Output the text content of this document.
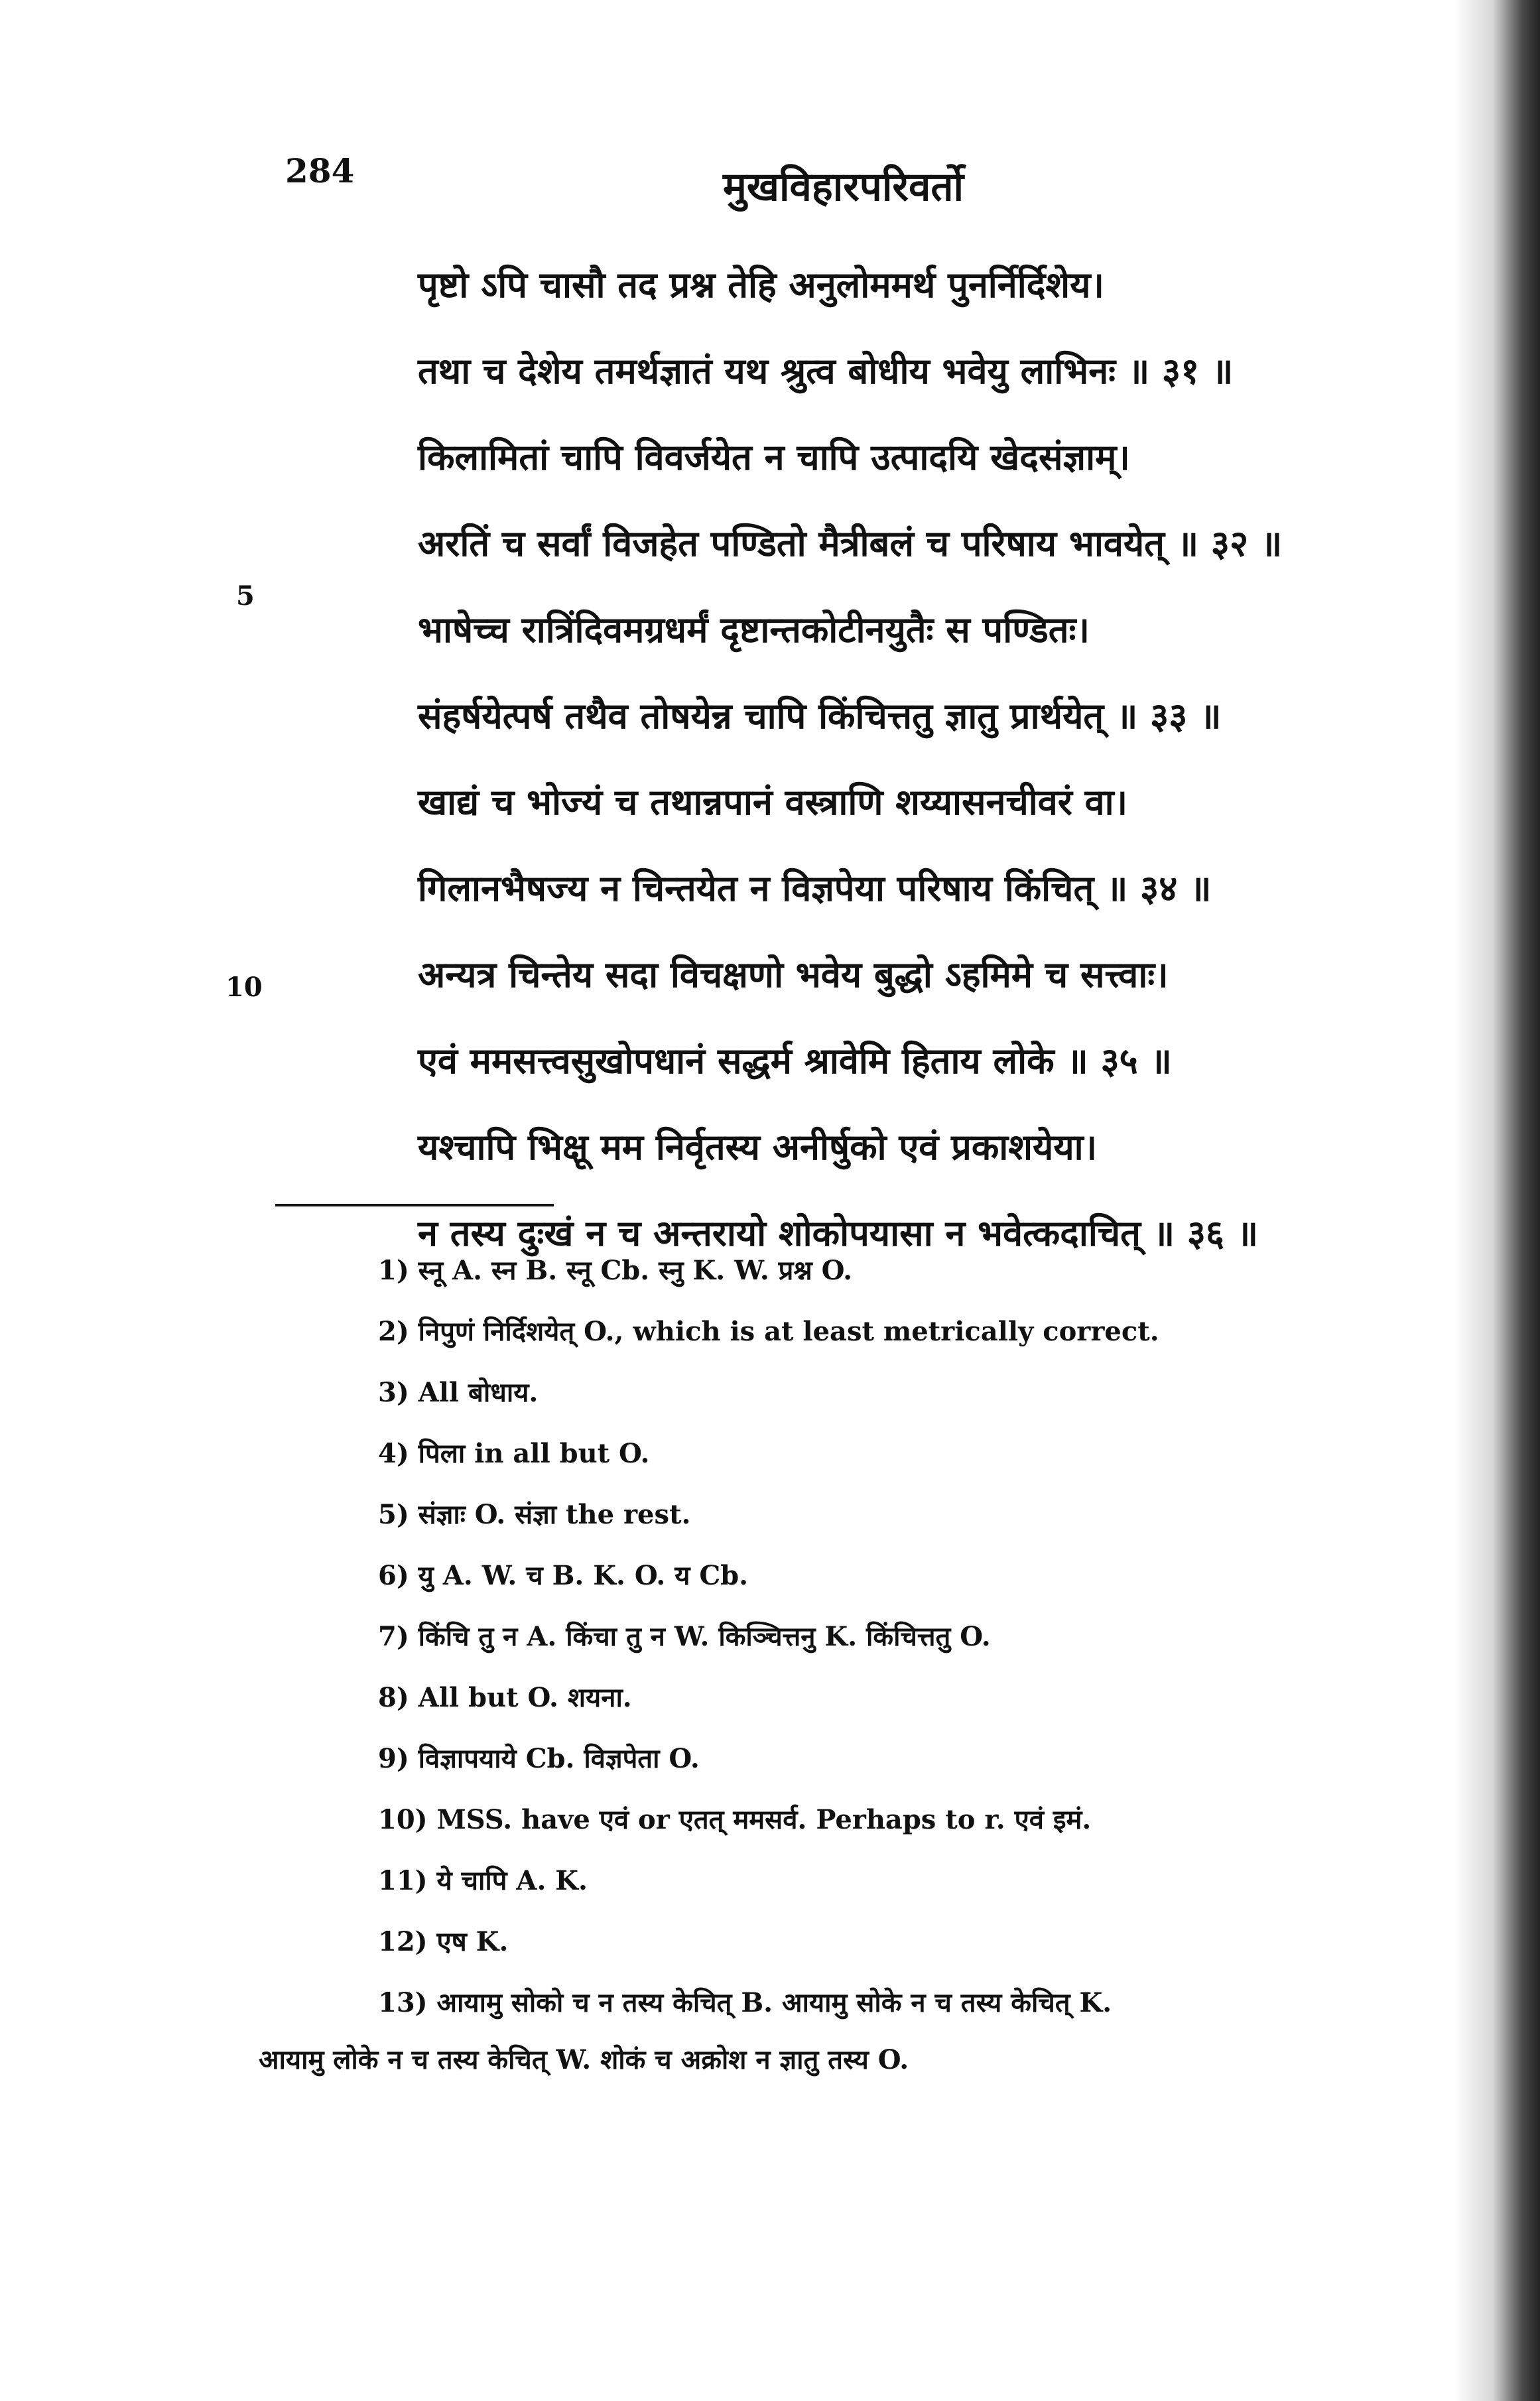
284	मुखविहारपरिवर्तो
5
10
पृष्टो ऽपि चासौ तद प्रश्न तेहि अनुलोममर्थ पुनर्निर्दिशेय।
तथा च देशेय तमर्थज्ञातं यथ श्रुत्व बोधीय भवेयु लाभिनः ॥ ३१ ॥
किलामितां चापि विवर्जयेत न चापि उत्पादयि खेदसंज्ञाम्।
अरतिं च सर्वां विजहेत पण्डितो मैत्रीबलं च परिषाय भावयेत् ॥ ३२ ॥
भाषेच्च रात्रिंदिवमग्रधर्मं दृष्टान्तकोटीनयुतैः स पण्डितः।
संहर्षयेत्पर्ष तथैव तोषयेन्न चापि किंचित्ततु ज्ञातु प्रार्थयेत् ॥ ३३ ॥
खाद्यं च भोज्यं च तथान्नपानं वस्त्राणि शय्यासनचीवरं वा।
गिलानभैषज्य न चिन्तयेत न विज्ञपेया परिषाय किंचित् ॥ ३४ ॥
अन्यत्र चिन्तेय सदा विचक्षणो भवेय बुद्धो ऽहमिमे च सत्त्वाः।
एवं ममसत्त्वसुखोपधानं सद्धर्म श्रावेमि हिताय लोके ॥ ३५ ॥
यश्चापि भिक्षू मम निर्वृतस्य अनीर्षुको एवं प्रकाशयेया।
न तस्य दुःखं न च अन्तरायो शोकोपयासा न भवेत्कदाचित् ॥ ३६ ॥
1) स्नू A. स्न B. स्नू Cb. स्नु K. W. प्रश्न O.
2) निपुणं निर्दिशयेत् O., which is at least metrically correct.
3) All बोधाय.
4) पिला in all but O.
5) संज्ञाः O. संज्ञा the rest.
6) यु A. W. च B. K. O. य Cb.
7) किंचि तु न A. किंचा तु न W. किञ्चित्तनु K. किंचित्ततु O.
8) All but O. शयना.
9) विज्ञापयाये Cb. विज्ञपेता O.
10) MSS. have एवं or एतत् ममसर्व. Perhaps to r. एवं इमं.
11) ये चापि A. K.
12) एष K.
13) आयामु सोको च न तस्य केचित् B. आयामु सोके न च तस्य केचित् K.
आयामु लोके न च तस्य केचित् W. शोकं च अक्रोश न ज्ञातु तस्य O.
